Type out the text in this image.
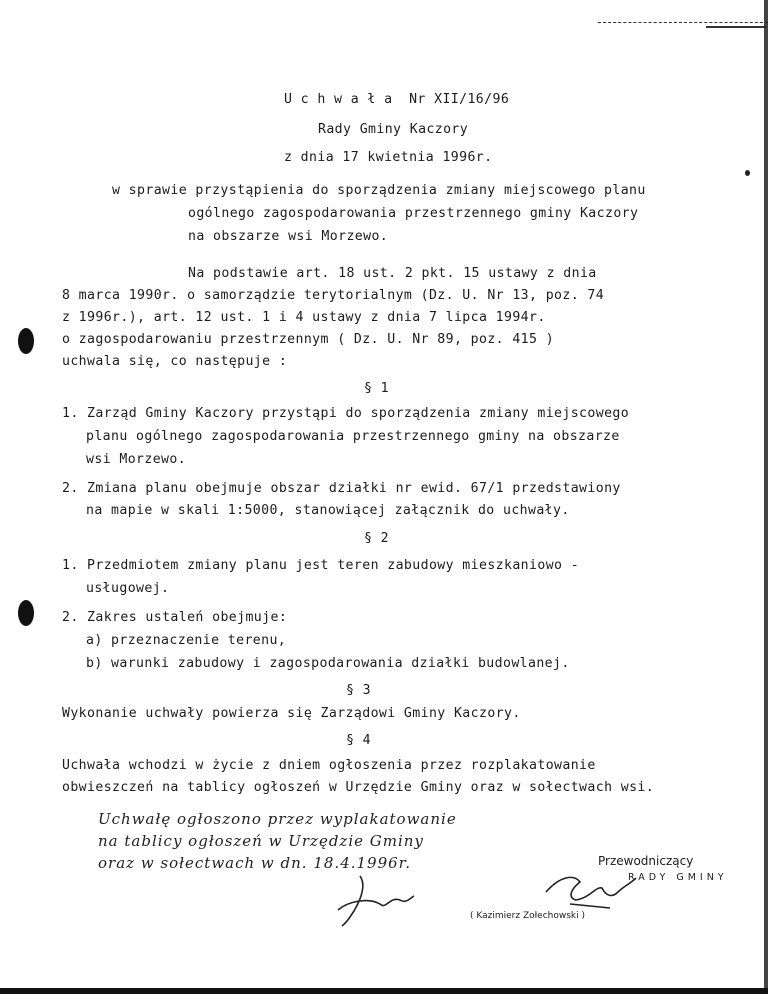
U c h w a ł a  Nr XII/16/96
Rady Gminy Kaczory
z dnia 17 kwietnia 1996r.
w sprawie przystąpienia do sporządzenia zmiany miejscowego planu
ogólnego zagospodarowania przestrzennego gminy Kaczory
na obszarze wsi Morzewo.
Na podstawie art. 18 ust. 2 pkt. 15 ustawy z dnia
8 marca 1990r. o samorządzie terytorialnym (Dz. U. Nr 13, poz. 74
z 1996r.), art. 12 ust. 1 i 4 ustawy z dnia 7 lipca 1994r.
o zagospodarowaniu przestrzennym ( Dz. U. Nr 89, poz. 415 )
uchwala się, co następuje :
§ 1
1. Zarząd Gminy Kaczory przystąpi do sporządzenia zmiany miejscowego
planu ogólnego zagospodarowania przestrzennego gminy na obszarze
wsi Morzewo.
2. Zmiana planu obejmuje obszar działki nr ewid. 67/1 przedstawiony
na mapie w skali 1:5000, stanowiącej załącznik do uchwały.
§ 2
1. Przedmiotem zmiany planu jest teren zabudowy mieszkaniowo -
usługowej.
2. Zakres ustaleń obejmuje:
a) przeznaczenie terenu,
b) warunki zabudowy i zagospodarowania działki budowlanej.
§ 3
Wykonanie uchwały powierza się Zarządowi Gminy Kaczory.
§ 4
Uchwała wchodzi w życie z dniem ogłoszenia przez rozplakatowanie
obwieszczeń na tablicy ogłoszeń w Urzędzie Gminy oraz w sołectwach wsi.
Uchwałę ogłoszono przez wyplakatowanie
na tablicy ogłoszeń w Urzędzie Gminy
oraz w sołectwach w dn. 18.4.1996r.	Przewodniczący
RADY GMINY
( Kazimierz Zołechowski )
